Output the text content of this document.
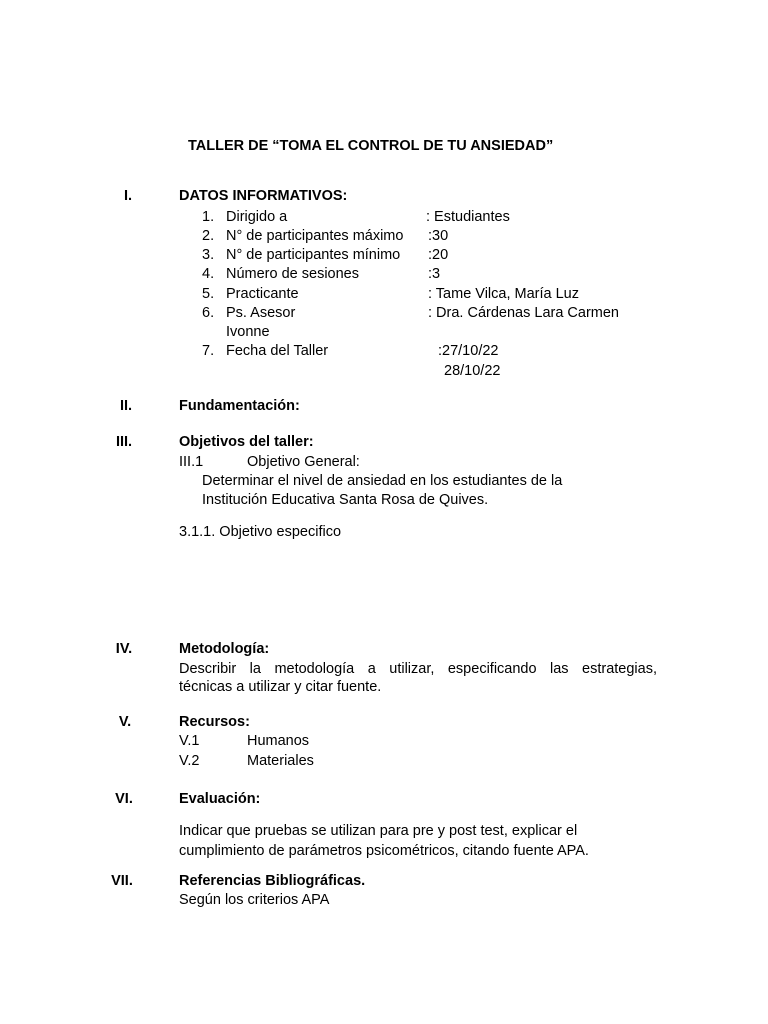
TALLER DE “TOMA EL CONTROL DE TU ANSIEDAD”
I.	DATOS INFORMATIVOS:
1. Dirigido a	: Estudiantes
2. N° de participantes máximo :30
3. N° de participantes mínimo :20
4. Número de sesiones	:3
5. Practicante	: Tame Vilca, María Luz
6. Ps. Asesor	: Dra. Cárdenas Lara Carmen
Ivonne
7. Fecha del Taller	:27/10/22
28/10/22
II.	Fundamentación:
III.	Objetivos del taller:
III.1	Objetivo General:
Determinar el nivel de ansiedad en los estudiantes de la
Institución Educativa Santa Rosa de Quives.
3.1.1. Objetivo especifico
IV.	Metodología:
Describir la metodología a utilizar, especificando las estrategias,
técnicas a utilizar y citar fuente.
V.	Recursos:
V.1	Humanos
V.2	Materiales
VI.	Evaluación:
Indicar que pruebas se utilizan para pre y post test, explicar el
cumplimiento de parámetros psicométricos, citando fuente APA.
VII.	Referencias Bibliográficas.
Según los criterios APA
